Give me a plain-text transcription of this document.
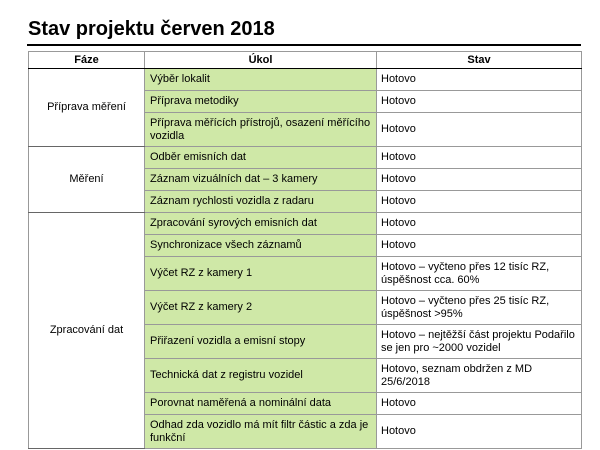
Stav projektu červen 2018
Fáze	Úkol	Stav
Příprava měření	Výběr lokalit	Hotovo
	Příprava metodiky	Hotovo
	Příprava měřících přístrojů, osazení měřícího vozidla	Hotovo
Měření	Odběr emisních dat	Hotovo
	Záznam vizuálních dat – 3 kamery	Hotovo
	Záznam rychlosti vozidla z radaru	Hotovo
Zpracování dat	Zpracování syrových emisních dat	Hotovo
	Synchronizace všech záznamů	Hotovo
	Výčet RZ z kamery 1	Hotovo – vyčteno přes 12 tisíc RZ, úspěšnost cca. 60%
	Výčet RZ z kamery 2	Hotovo – vyčteno přes 25 tisíc RZ, úspěšnost >95%
	Přiřazení vozidla a emisní stopy	Hotovo – nejtěžší část projektu Podařilo se jen pro ~2000 vozidel
	Technická dat z registru vozidel	Hotovo, seznam obdržen z MD 25/6/2018
	Porovnat naměřená a nominální data	Hotovo
	Odhad zda vozidlo má mít filtr částic a zda je funkční	Hotovo
